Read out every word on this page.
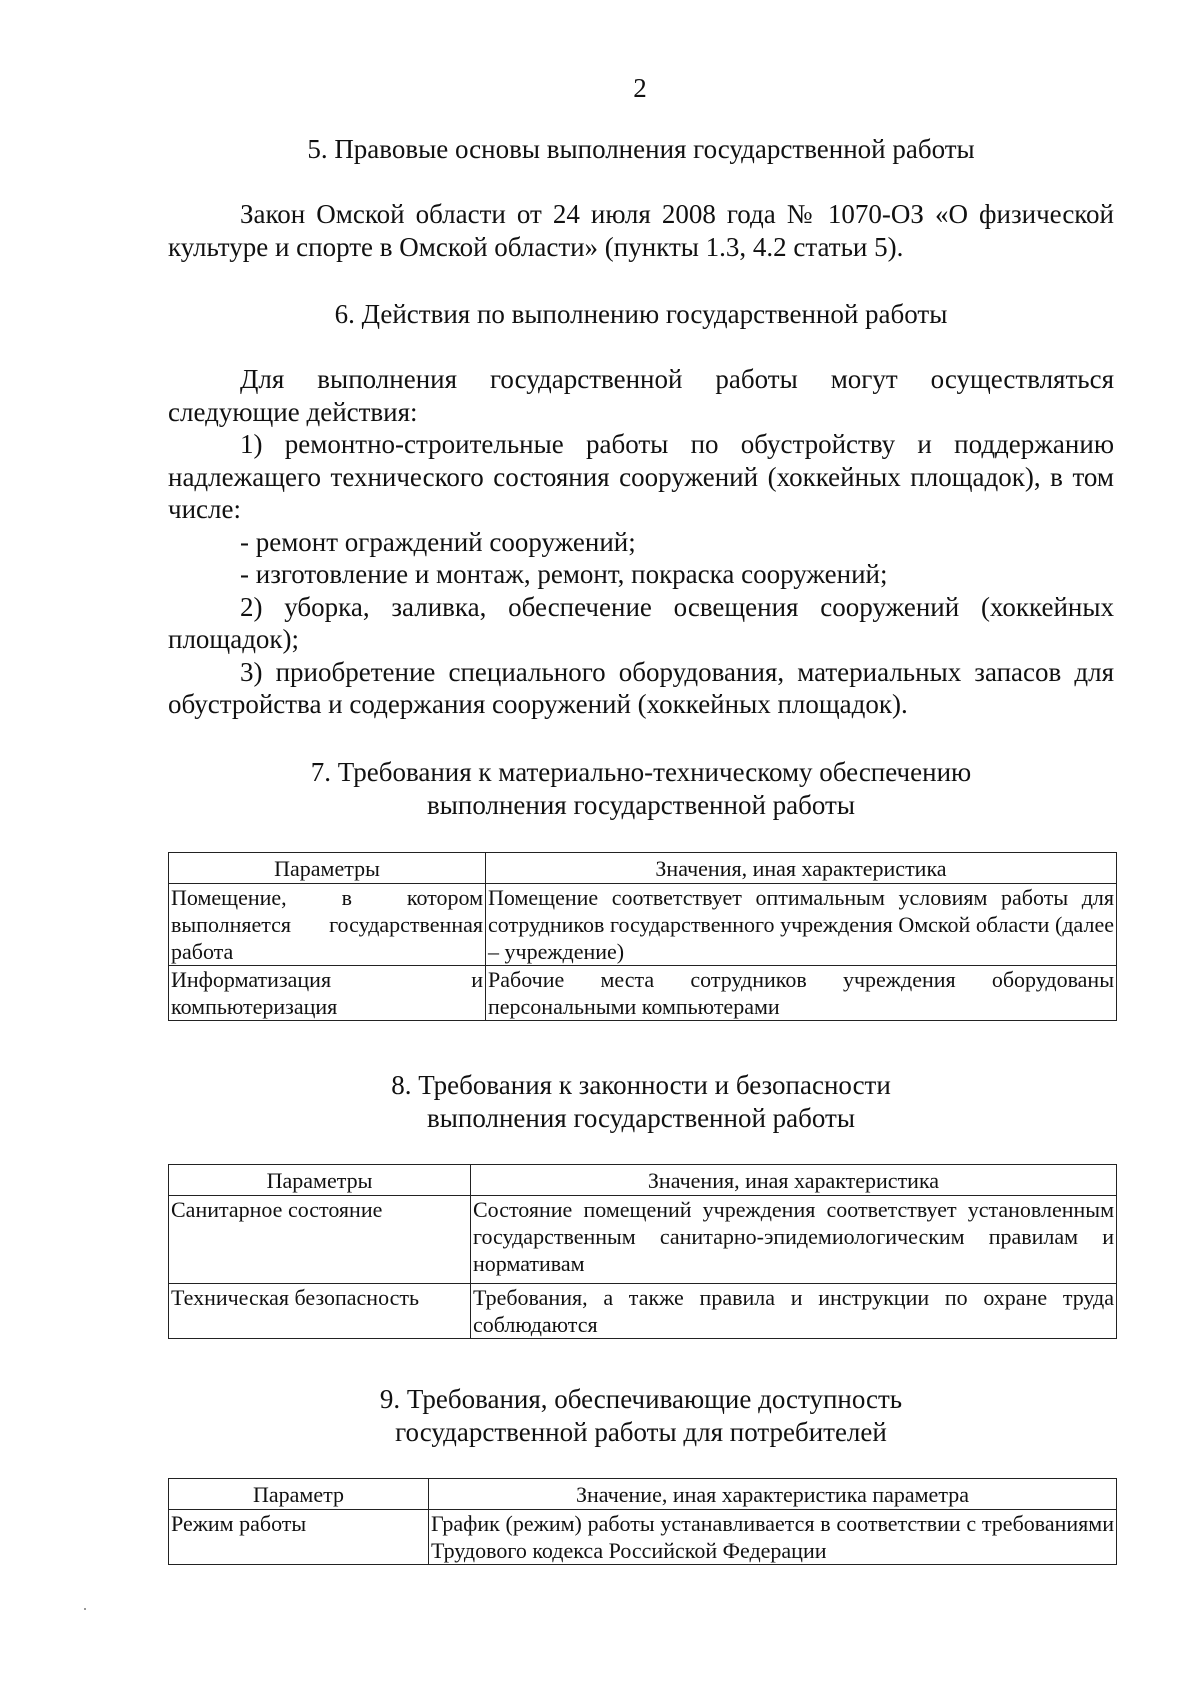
2
5. Правовые основы выполнения государственной работы

Закон Омской области от 24 июля 2008 года № 1070-ОЗ «О физической культуре и спорте в Омской области» (пункты 1.3, 4.2 статьи 5).

6. Действия по выполнению государственной работы

Для выполнения государственной работы могут осуществляться следующие действия:

1) ремонтно-строительные работы по обустройству и поддержанию надлежащего технического состояния сооружений (хоккейных площадок), в том числе:

- ремонт ограждений сооружений;

- изготовление и монтаж, ремонт, покраска сооружений;

2) уборка, заливка, обеспечение освещения сооружений (хоккейных площадок);

3) приобретение специального оборудования, материальных запасов для обустройства и содержания сооружений (хоккейных площадок).

7. Требования к материально-техническому обеспечению
выполнения государственной работы
Параметры	Значения, иная характеристика
Помещение, в котором выполняется государственная работа	Помещение соответствует оптимальным условиям работы для сотрудников государственного учреждения Омской области (далее – учреждение)
Информатизация и компьютеризация	Рабочие места сотрудников учреждения оборудованы персональными компьютерами
8. Требования к законности и безопасности
выполнения государственной работы
Параметры	Значения, иная характеристика
Санитарное состояние	Состояние помещений учреждения соответствует установленным государственным санитарно-эпидемиологическим правилам и нормативам
Техническая безопасность	Требования, а также правила и инструкции по охране труда соблюдаются
9. Требования, обеспечивающие доступность
государственной работы для потребителей
Параметр	Значение, иная характеристика параметра
Режим работы	График (режим) работы устанавливается в соответствии с требованиями Трудового кодекса Российской Федерации
